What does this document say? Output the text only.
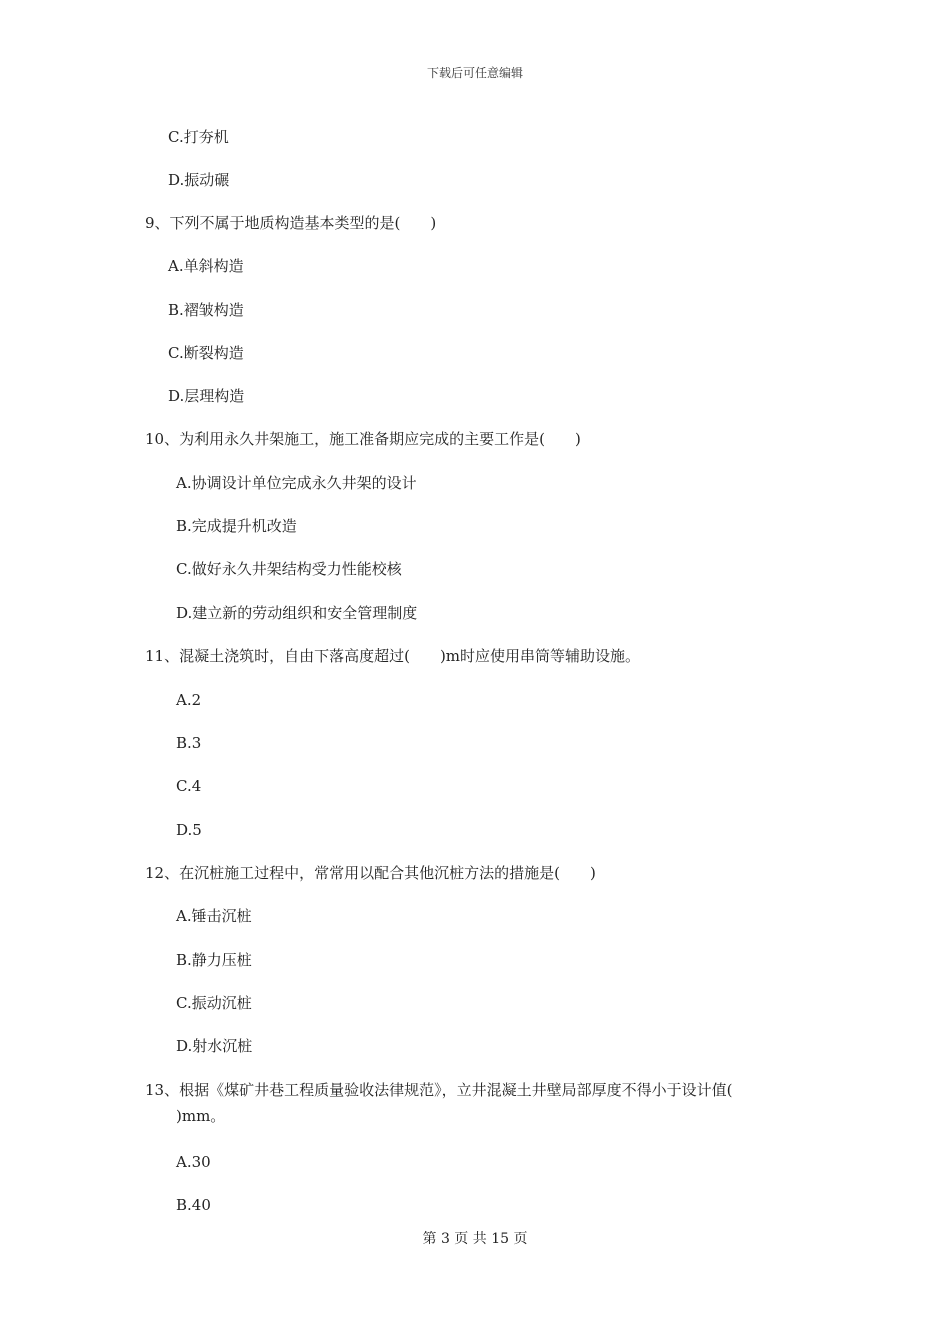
下载后可任意编辑
C.打夯机
D.振动碾
9、下列不属于地质构造基本类型的是(　　)
A.单斜构造
B.褶皱构造
C.断裂构造
D.层理构造
10、为利用永久井架施工，施工准备期应完成的主要工作是(　　)
A.协调设计单位完成永久井架的设计
B.完成提升机改造
C.做好永久井架结构受力性能校核
D.建立新的劳动组织和安全管理制度
11、混凝土浇筑时，自由下落高度超过(　　)m时应使用串筒等辅助设施。
A.2
B.3
C.4
D.5
12、在沉桩施工过程中，常常用以配合其他沉桩方法的措施是(　　)
A.锤击沉桩
B.静力压桩
C.振动沉桩
D.射水沉桩
13、根据《煤矿井巷工程质量验收法律规范》，立井混凝土井壁局部厚度不得小于设计值(
)mm。
A.30
B.40
第 3 页 共 15 页
